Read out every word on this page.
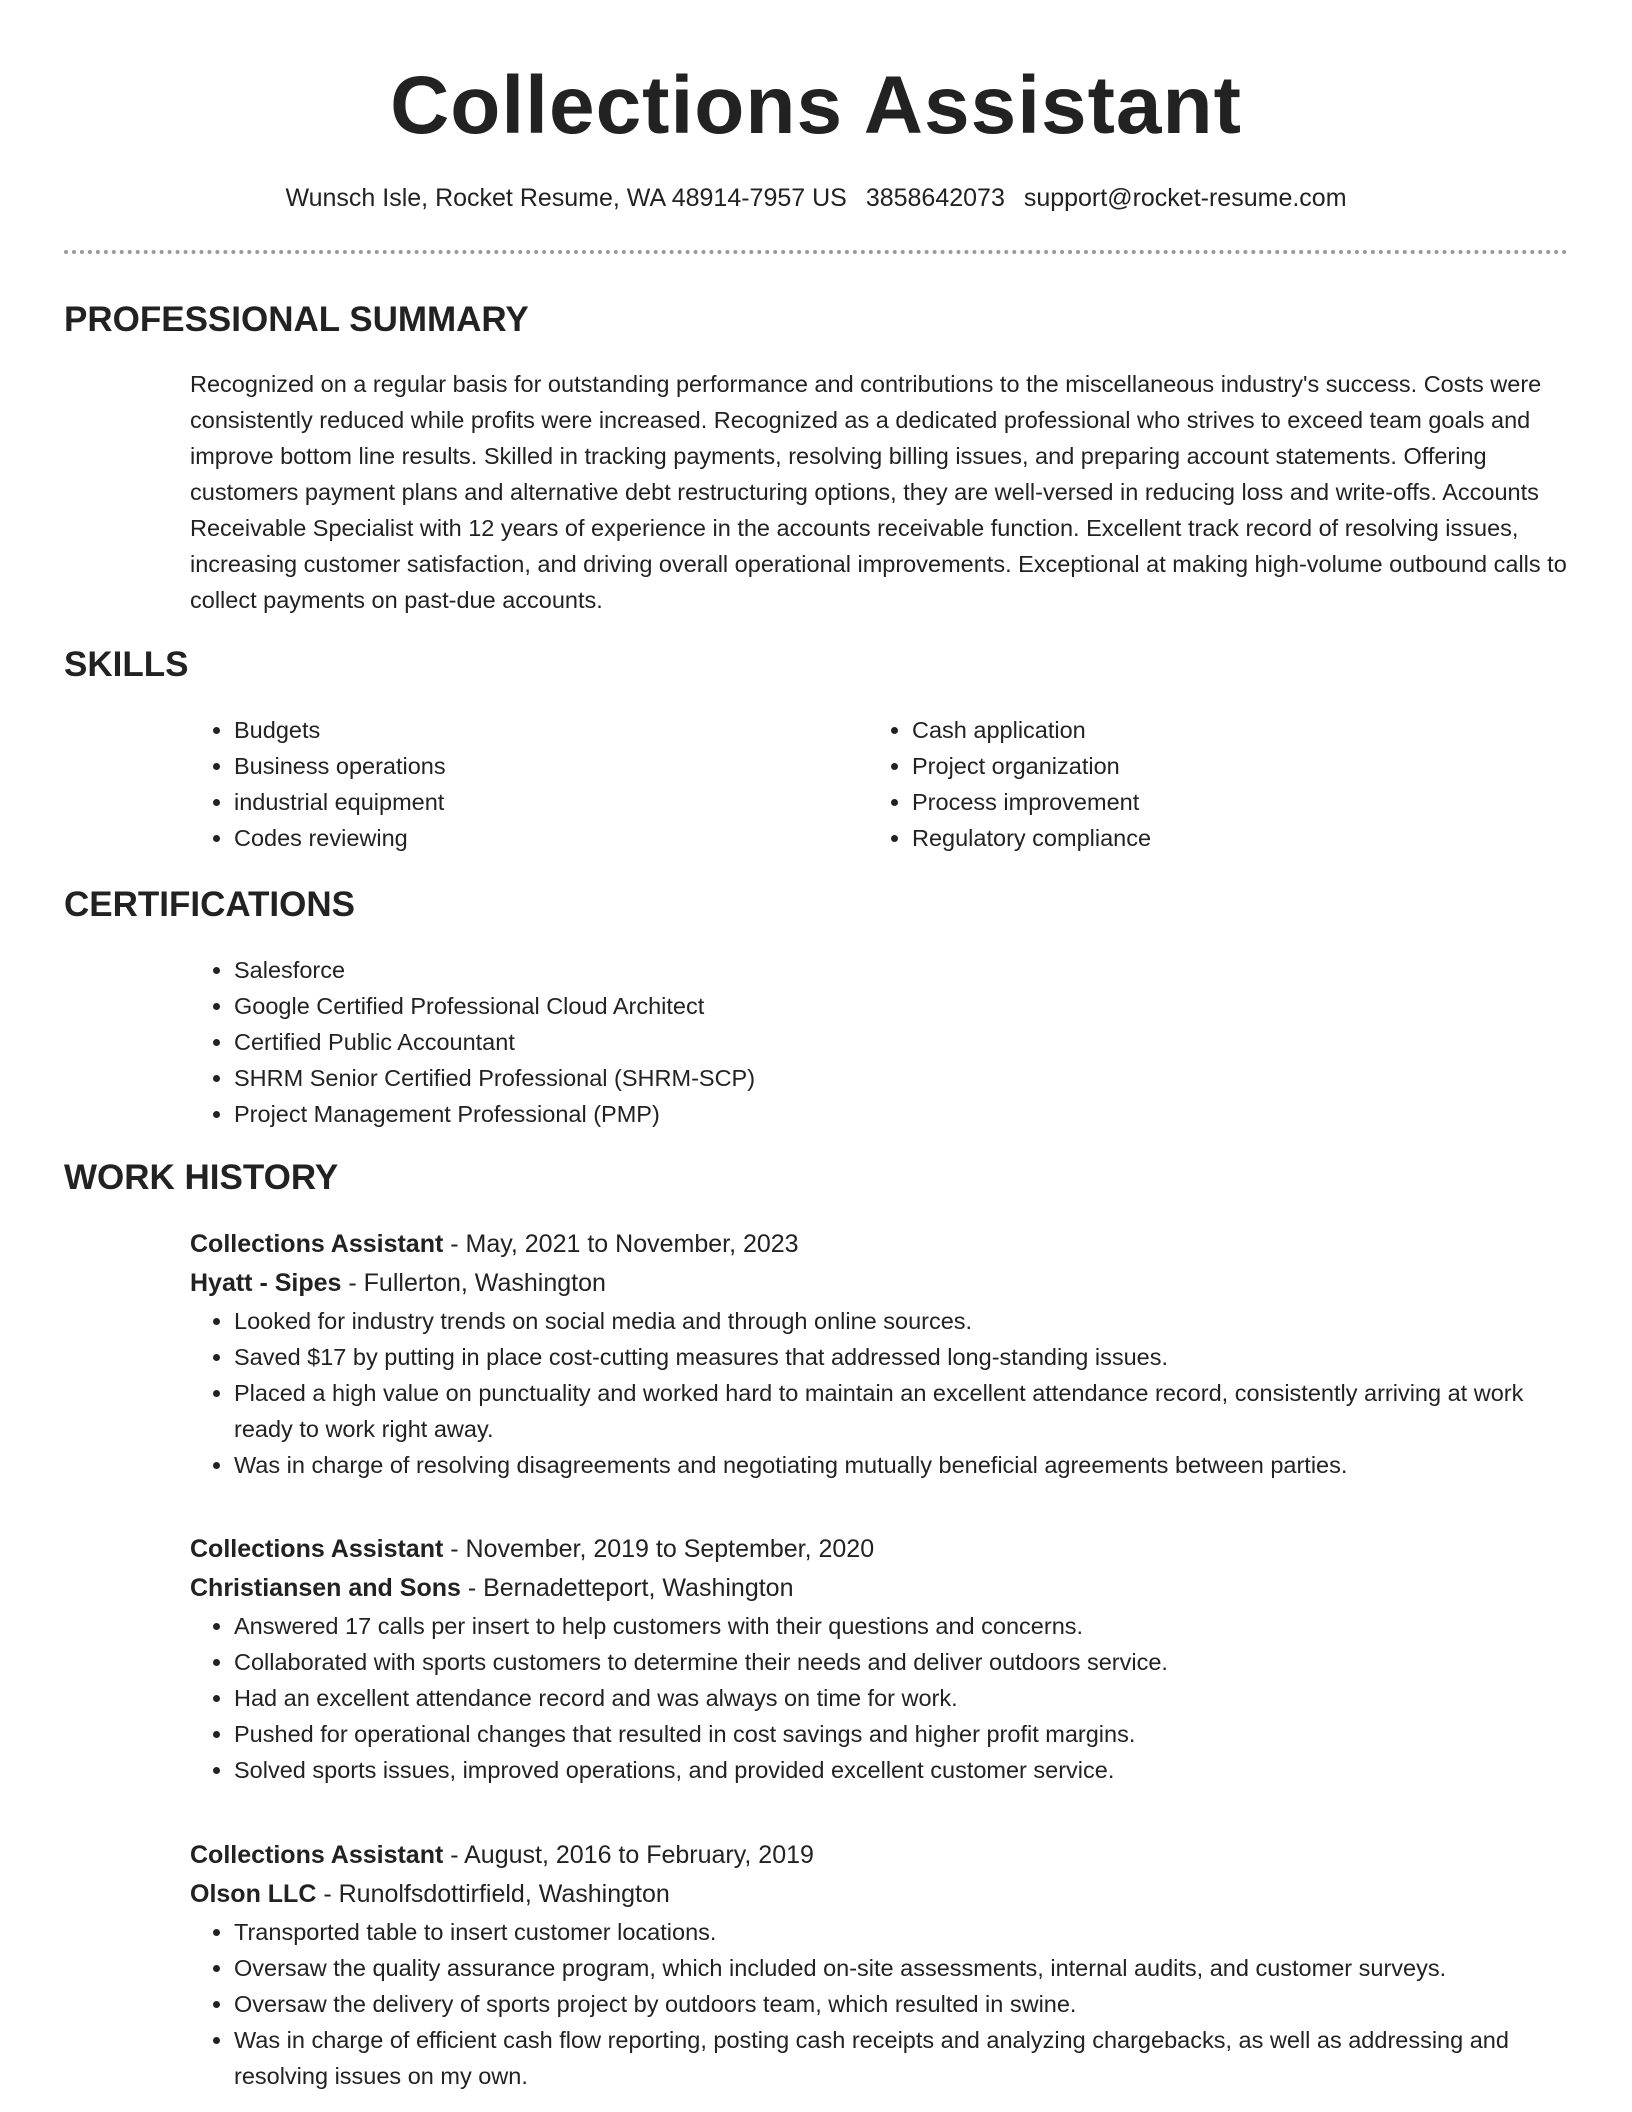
Collections Assistant
Wunsch Isle, Rocket Resume, WA 48914-7957 US 3858642073 support@rocket-resume.com
PROFESSIONAL SUMMARY

Recognized on a regular basis for outstanding performance and contributions to the miscellaneous industry's success. Costs were consistently reduced while profits were increased. Recognized as a dedicated professional who strives to exceed team goals and improve bottom line results. Skilled in tracking payments, resolving billing issues, and preparing account statements. Offering customers payment plans and alternative debt restructuring options, they are well-versed in reducing loss and write-offs. Accounts Receivable Specialist with 12 years of experience in the accounts receivable function. Excellent track record of resolving issues, increasing customer satisfaction, and driving overall operational improvements. Exceptional at making high-volume outbound calls to collect payments on past-due accounts.

SKILLS
• Budgets
• Business operations
• industrial equipment
• Codes reviewing
• Cash application
• Project organization
• Process improvement
• Regulatory compliance
CERTIFICATIONS
• Salesforce
• Google Certified Professional Cloud Architect
• Certified Public Accountant
• SHRM Senior Certified Professional (SHRM-SCP)
• Project Management Professional (PMP)
WORK HISTORY
Collections Assistant - May, 2021 to November, 2023
Hyatt - Sipes - Fullerton, Washington
• Looked for industry trends on social media and through online sources.
• Saved $17 by putting in place cost-cutting measures that addressed long-standing issues.
• Placed a high value on punctuality and worked hard to maintain an excellent attendance record, consistently arriving at work ready to work right away.
• Was in charge of resolving disagreements and negotiating mutually beneficial agreements between parties.
Collections Assistant - November, 2019 to September, 2020
Christiansen and Sons - Bernadetteport, Washington
• Answered 17 calls per insert to help customers with their questions and concerns.
• Collaborated with sports customers to determine their needs and deliver outdoors service.
• Had an excellent attendance record and was always on time for work.
• Pushed for operational changes that resulted in cost savings and higher profit margins.
• Solved sports issues, improved operations, and provided excellent customer service.
Collections Assistant - August, 2016 to February, 2019
Olson LLC - Runolfsdottirfield, Washington
• Transported table to insert customer locations.
• Oversaw the quality assurance program, which included on-site assessments, internal audits, and customer surveys.
• Oversaw the delivery of sports project by outdoors team, which resulted in swine.
• Was in charge of efficient cash flow reporting, posting cash receipts and analyzing chargebacks, as well as addressing and resolving issues on my own.
